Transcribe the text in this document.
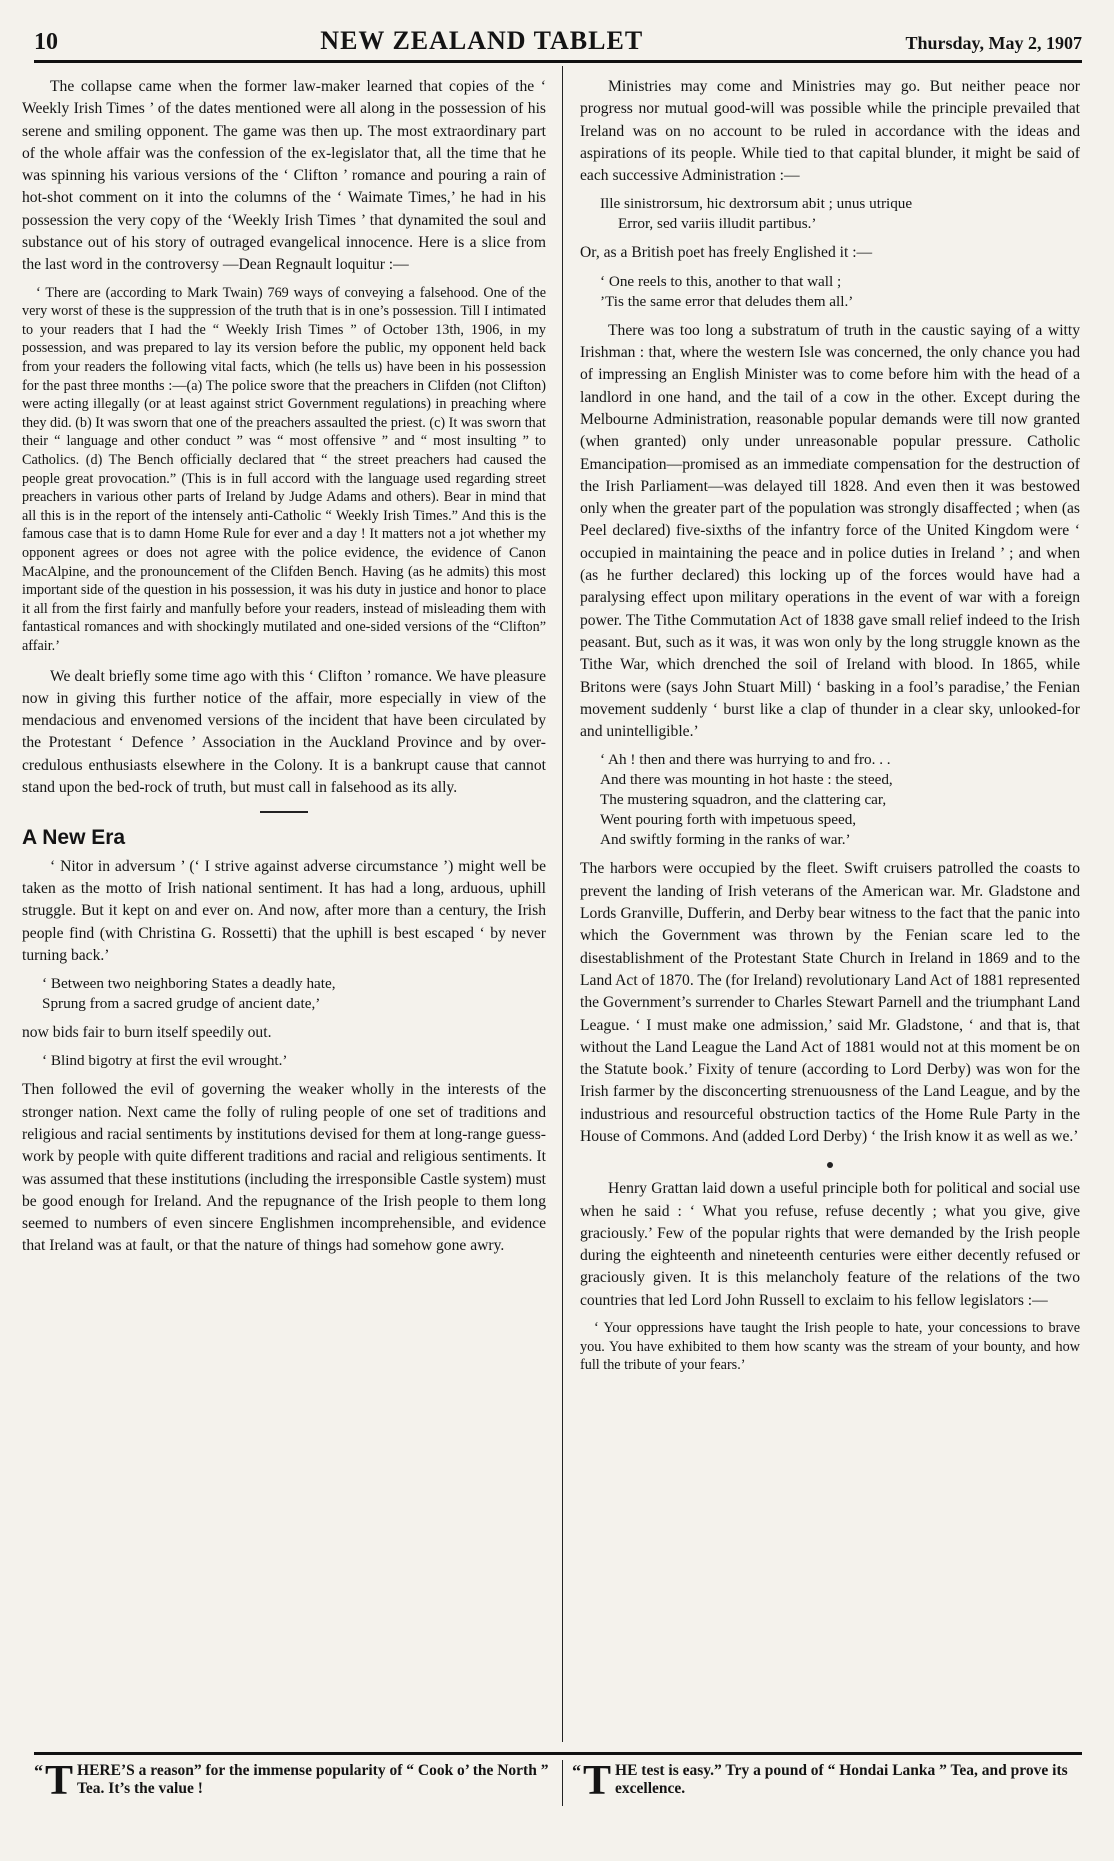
10	NEW ZEALAND TABLET	Thursday, May 2, 1907

The collapse came when the former law-maker learned that copies of the ‘ Weekly Irish Times ’ of the dates mentioned were all along in the possession of his serene and smiling opponent. The game was then up. The most extraordinary part of the whole affair was the confession of the ex-legislator that, all the time that he was spinning his various versions of the ‘ Clifton ’ romance and pouring a rain of hot-shot comment on it into the columns of the ‘ Waimate Times,’ he had in his possession the very copy of the ‘Weekly Irish Times ’ that dynamited the soul and substance out of his story of outraged evangelical innocence. Here is a slice from the last word in the controversy —Dean Regnault loquitur :—

‘ There are (according to Mark Twain) 769 ways of conveying a falsehood. One of the very worst of these is the suppression of the truth that is in one’s possession. Till I intimated to your readers that I had the “ Weekly Irish Times ” of October 13th, 1906, in my possession, and was prepared to lay its version before the public, my opponent held back from your readers the following vital facts, which (he tells us) have been in his possession for the past three months :—(a) The police swore that the preachers in Clifden (not Clifton) were acting illegally (or at least against strict Government regulations) in preaching where they did. (b) It was sworn that one of the preachers assaulted the priest. (c) It was sworn that their “ language and other conduct ” was “ most offensive ” and “ most insulting ” to Catholics. (d) The Bench officially declared that “ the street preachers had caused the people great provocation.” (This is in full accord with the language used regarding street preachers in various other parts of Ireland by Judge Adams and others). Bear in mind that all this is in the report of the intensely anti-Catholic “ Weekly Irish Times.” And this is the famous case that is to damn Home Rule for ever and a day ! It matters not a jot whether my opponent agrees or does not agree with the police evidence, the evidence of Canon MacAlpine, and the pronouncement of the Clifden Bench. Having (as he admits) this most important side of the question in his possession, it was his duty in justice and honor to place it all from the first fairly and manfully before your readers, instead of misleading them with fantastical romances and with shockingly mutilated and one-sided versions of the “Clifton” affair.’

We dealt briefly some time ago with this ‘ Clifton ’ romance. We have pleasure now in giving this further notice of the affair, more especially in view of the mendacious and envenomed versions of the incident that have been circulated by the Protestant ‘ Defence ’ Association in the Auckland Province and by over-credulous enthusiasts elsewhere in the Colony. It is a bankrupt cause that cannot stand upon the bed-rock of truth, but must call in falsehood as its ally.

A New Era

‘ Nitor in adversum ’ (‘ I strive against adverse circumstance ’) might well be taken as the motto of Irish national sentiment. It has had a long, arduous, uphill struggle. But it kept on and ever on. And now, after more than a century, the Irish people find (with Christina G. Rossetti) that the uphill is best escaped ‘ by never turning back.’

‘ Between two neighboring States a deadly hate,
Sprung from a sacred grudge of ancient date,’

now bids fair to burn itself speedily out.

‘ Blind bigotry at first the evil wrought.’

Then followed the evil of governing the weaker wholly in the interests of the stronger nation. Next came the folly of ruling people of one set of traditions and religious and racial sentiments by institutions devised for them at long-range guess-work by people with quite different traditions and racial and religious sentiments. It was assumed that these institutions (including the irresponsible Castle system) must be good enough for Ireland. And the repugnance of the Irish people to them long seemed to numbers of even sincere Englishmen incomprehensible, and evidence that Ireland was at fault, or that the nature of things had somehow gone awry.

Ministries may come and Ministries may go. But neither peace nor progress nor mutual good-will was possible while the principle prevailed that Ireland was on no account to be ruled in accordance with the ideas and aspirations of its people. While tied to that capital blunder, it might be said of each successive Administration :—

Ille sinistrorsum, hic dextrorsum abit ; unus utrique
Error, sed variis illudit partibus.’

Or, as a British poet has freely Englished it :—

‘ One reels to this, another to that wall ;
’Tis the same error that deludes them all.’

There was too long a substratum of truth in the caustic saying of a witty Irishman : that, where the western Isle was concerned, the only chance you had of impressing an English Minister was to come before him with the head of a landlord in one hand, and the tail of a cow in the other. Except during the Melbourne Administration, reasonable popular demands were till now granted (when granted) only under unreasonable popular pressure. Catholic Emancipation—promised as an immediate compensation for the destruction of the Irish Parliament—was delayed till 1828. And even then it was bestowed only when the greater part of the population was strongly disaffected ; when (as Peel declared) five-sixths of the infantry force of the United Kingdom were ‘ occupied in maintaining the peace and in police duties in Ireland ’ ; and when (as he further declared) this locking up of the forces would have had a paralysing effect upon military operations in the event of war with a foreign power. The Tithe Commutation Act of 1838 gave small relief indeed to the Irish peasant. But, such as it was, it was won only by the long struggle known as the Tithe War, which drenched the soil of Ireland with blood. In 1865, while Britons were (says John Stuart Mill) ‘ basking in a fool’s paradise,’ the Fenian movement suddenly ‘ burst like a clap of thunder in a clear sky, unlooked-for and unintelligible.’

‘ Ah ! then and there was hurrying to and fro. . .
And there was mounting in hot haste : the steed,
The mustering squadron, and the clattering car,
Went pouring forth with impetuous speed,
And swiftly forming in the ranks of war.’

The harbors were occupied by the fleet. Swift cruisers patrolled the coasts to prevent the landing of Irish veterans of the American war. Mr. Gladstone and Lords Granville, Dufferin, and Derby bear witness to the fact that the panic into which the Government was thrown by the Fenian scare led to the disestablishment of the Protestant State Church in Ireland in 1869 and to the Land Act of 1870. The (for Ireland) revolutionary Land Act of 1881 represented the Government’s surrender to Charles Stewart Parnell and the triumphant Land League. ‘ I must make one admission,’ said Mr. Gladstone, ‘ and that is, that without the Land League the Land Act of 1881 would not at this moment be on the Statute book.’ Fixity of tenure (according to Lord Derby) was won for the Irish farmer by the disconcerting strenuousness of the Land League, and by the industrious and resourceful obstruction tactics of the Home Rule Party in the House of Commons. And (added Lord Derby) ‘ the Irish know it as well as we.’

Henry Grattan laid down a useful principle both for political and social use when he said : ‘ What you refuse, refuse decently ; what you give, give graciously.’ Few of the popular rights that were demanded by the Irish people during the eighteenth and nineteenth centuries were either decently refused or graciously given. It is this melancholy feature of the relations of the two countries that led Lord John Russell to exclaim to his fellow legislators :—

‘ Your oppressions have taught the Irish people to hate, your concessions to brave you. You have exhibited to them how scanty was the stream of your bounty, and how full the tribute of your fears.’

“ T HERE’S a reason” for the immense popularity of “ Cook o’ the North ” Tea. It’s the value !
“ T HE test is easy.” Try a pound of “ Hondai Lanka ” Tea, and prove its excellence.
